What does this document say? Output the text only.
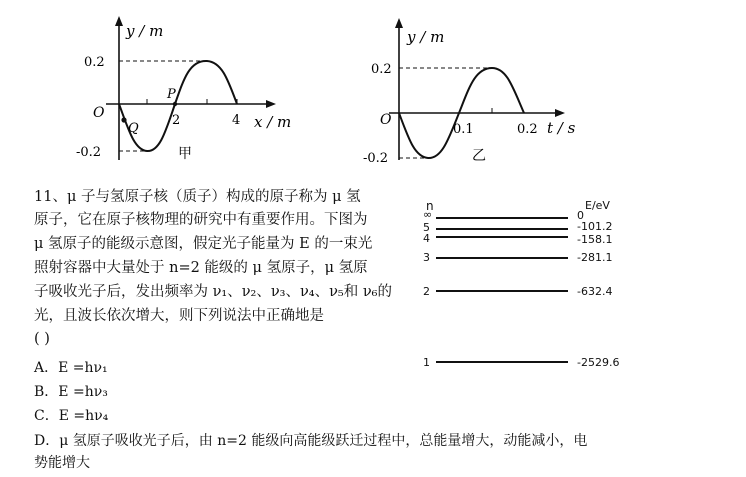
y / m
O
0.2
-0.2
P
Q
2	4 x / m
甲
y / m
O
0.2
-0.2
0.1	0.2 t / s
乙
11、μ 子与氢原子核（质子）构成的原子称为 μ 氢
原子，它在原子核物理的研究中有重要作用。下图为
μ 氢原子的能级示意图，假定光子能量为 E 的一束光
照射容器中大量处于 n=2 能级的 μ 氢原子，μ 氢原
子吸收光子后，发出频率为 ν₁、ν₂、ν₃、ν₄、ν₅和 ν₆的
光，且波长依次增大，则下列说法中正确地是
( )
A．E =hν₁
B．E =hν₃
C．E =hν₄
D．μ 氢原子吸收光子后，由 n=2 能级向高能级跃迁过程中，总能量增大，动能减小，电
势能增大
n	E/eV
∞	0
5	-101.2
4	-158.1
3	-281.1
2	-632.4
1	-2529.6
